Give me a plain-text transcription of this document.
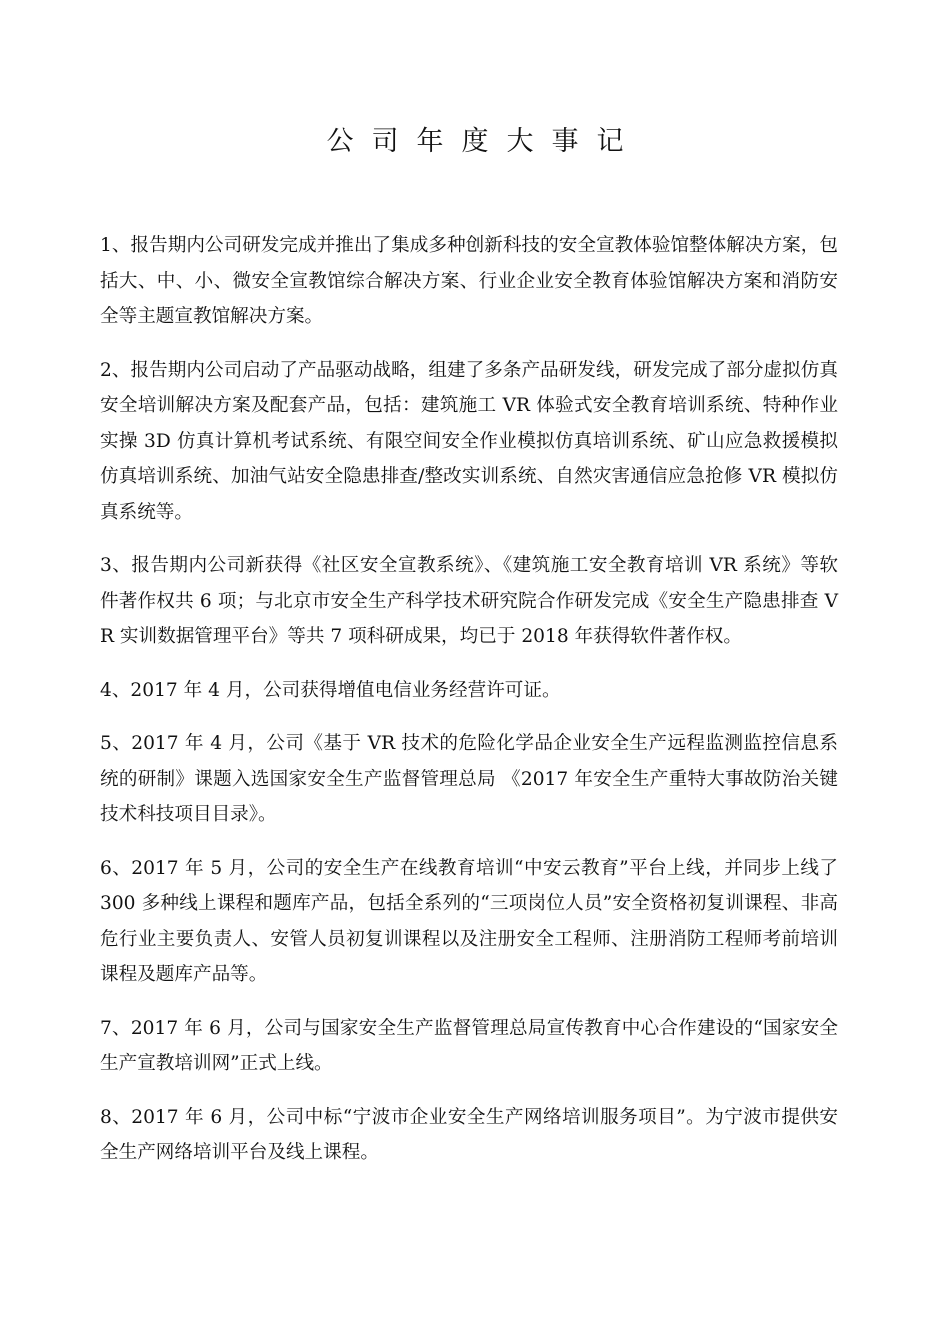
公司年度大事记
1、报告期内公司研发完成并推出了集成多种创新科技的安全宣教体验馆整体解决方案，包括大、中、小、微安全宣教馆综合解决方案、行业企业安全教育体验馆解决方案和消防安全等主题宣教馆解决方案。
2、报告期内公司启动了产品驱动战略，组建了多条产品研发线，研发完成了部分虚拟仿真安全培训解决方案及配套产品，包括：建筑施工 VR 体验式安全教育培训系统、特种作业实操 3D 仿真计算机考试系统、有限空间安全作业模拟仿真培训系统、矿山应急救援模拟仿真培训系统、加油气站安全隐患排查/整改实训系统、自然灾害通信应急抢修 VR 模拟仿真系统等。
3、报告期内公司新获得《社区安全宣教系统》、《建筑施工安全教育培训 VR 系统》等软件著作权共 6 项；与北京市安全生产科学技术研究院合作研发完成《安全生产隐患排查 VR 实训数据管理平台》等共 7 项科研成果，均已于 2018 年获得软件著作权。
4、2017 年 4 月，公司获得增值电信业务经营许可证。
5、2017 年 4 月，公司《基于 VR 技术的危险化学品企业安全生产远程监测监控信息系统的研制》课题入选国家安全生产监督管理总局 《2017 年安全生产重特大事故防治关键技术科技项目目录》。
6、2017 年 5 月，公司的安全生产在线教育培训“中安云教育”平台上线，并同步上线了 300 多种线上课程和题库产品，包括全系列的“三项岗位人员”安全资格初复训课程、非高危行业主要负责人、安管人员初复训课程以及注册安全工程师、注册消防工程师考前培训课程及题库产品等。
7、2017 年 6 月，公司与国家安全生产监督管理总局宣传教育中心合作建设的“国家安全生产宣教培训网”正式上线。
8、2017 年 6 月，公司中标“宁波市企业安全生产网络培训服务项目”。为宁波市提供安全生产网络培训平台及线上课程。
